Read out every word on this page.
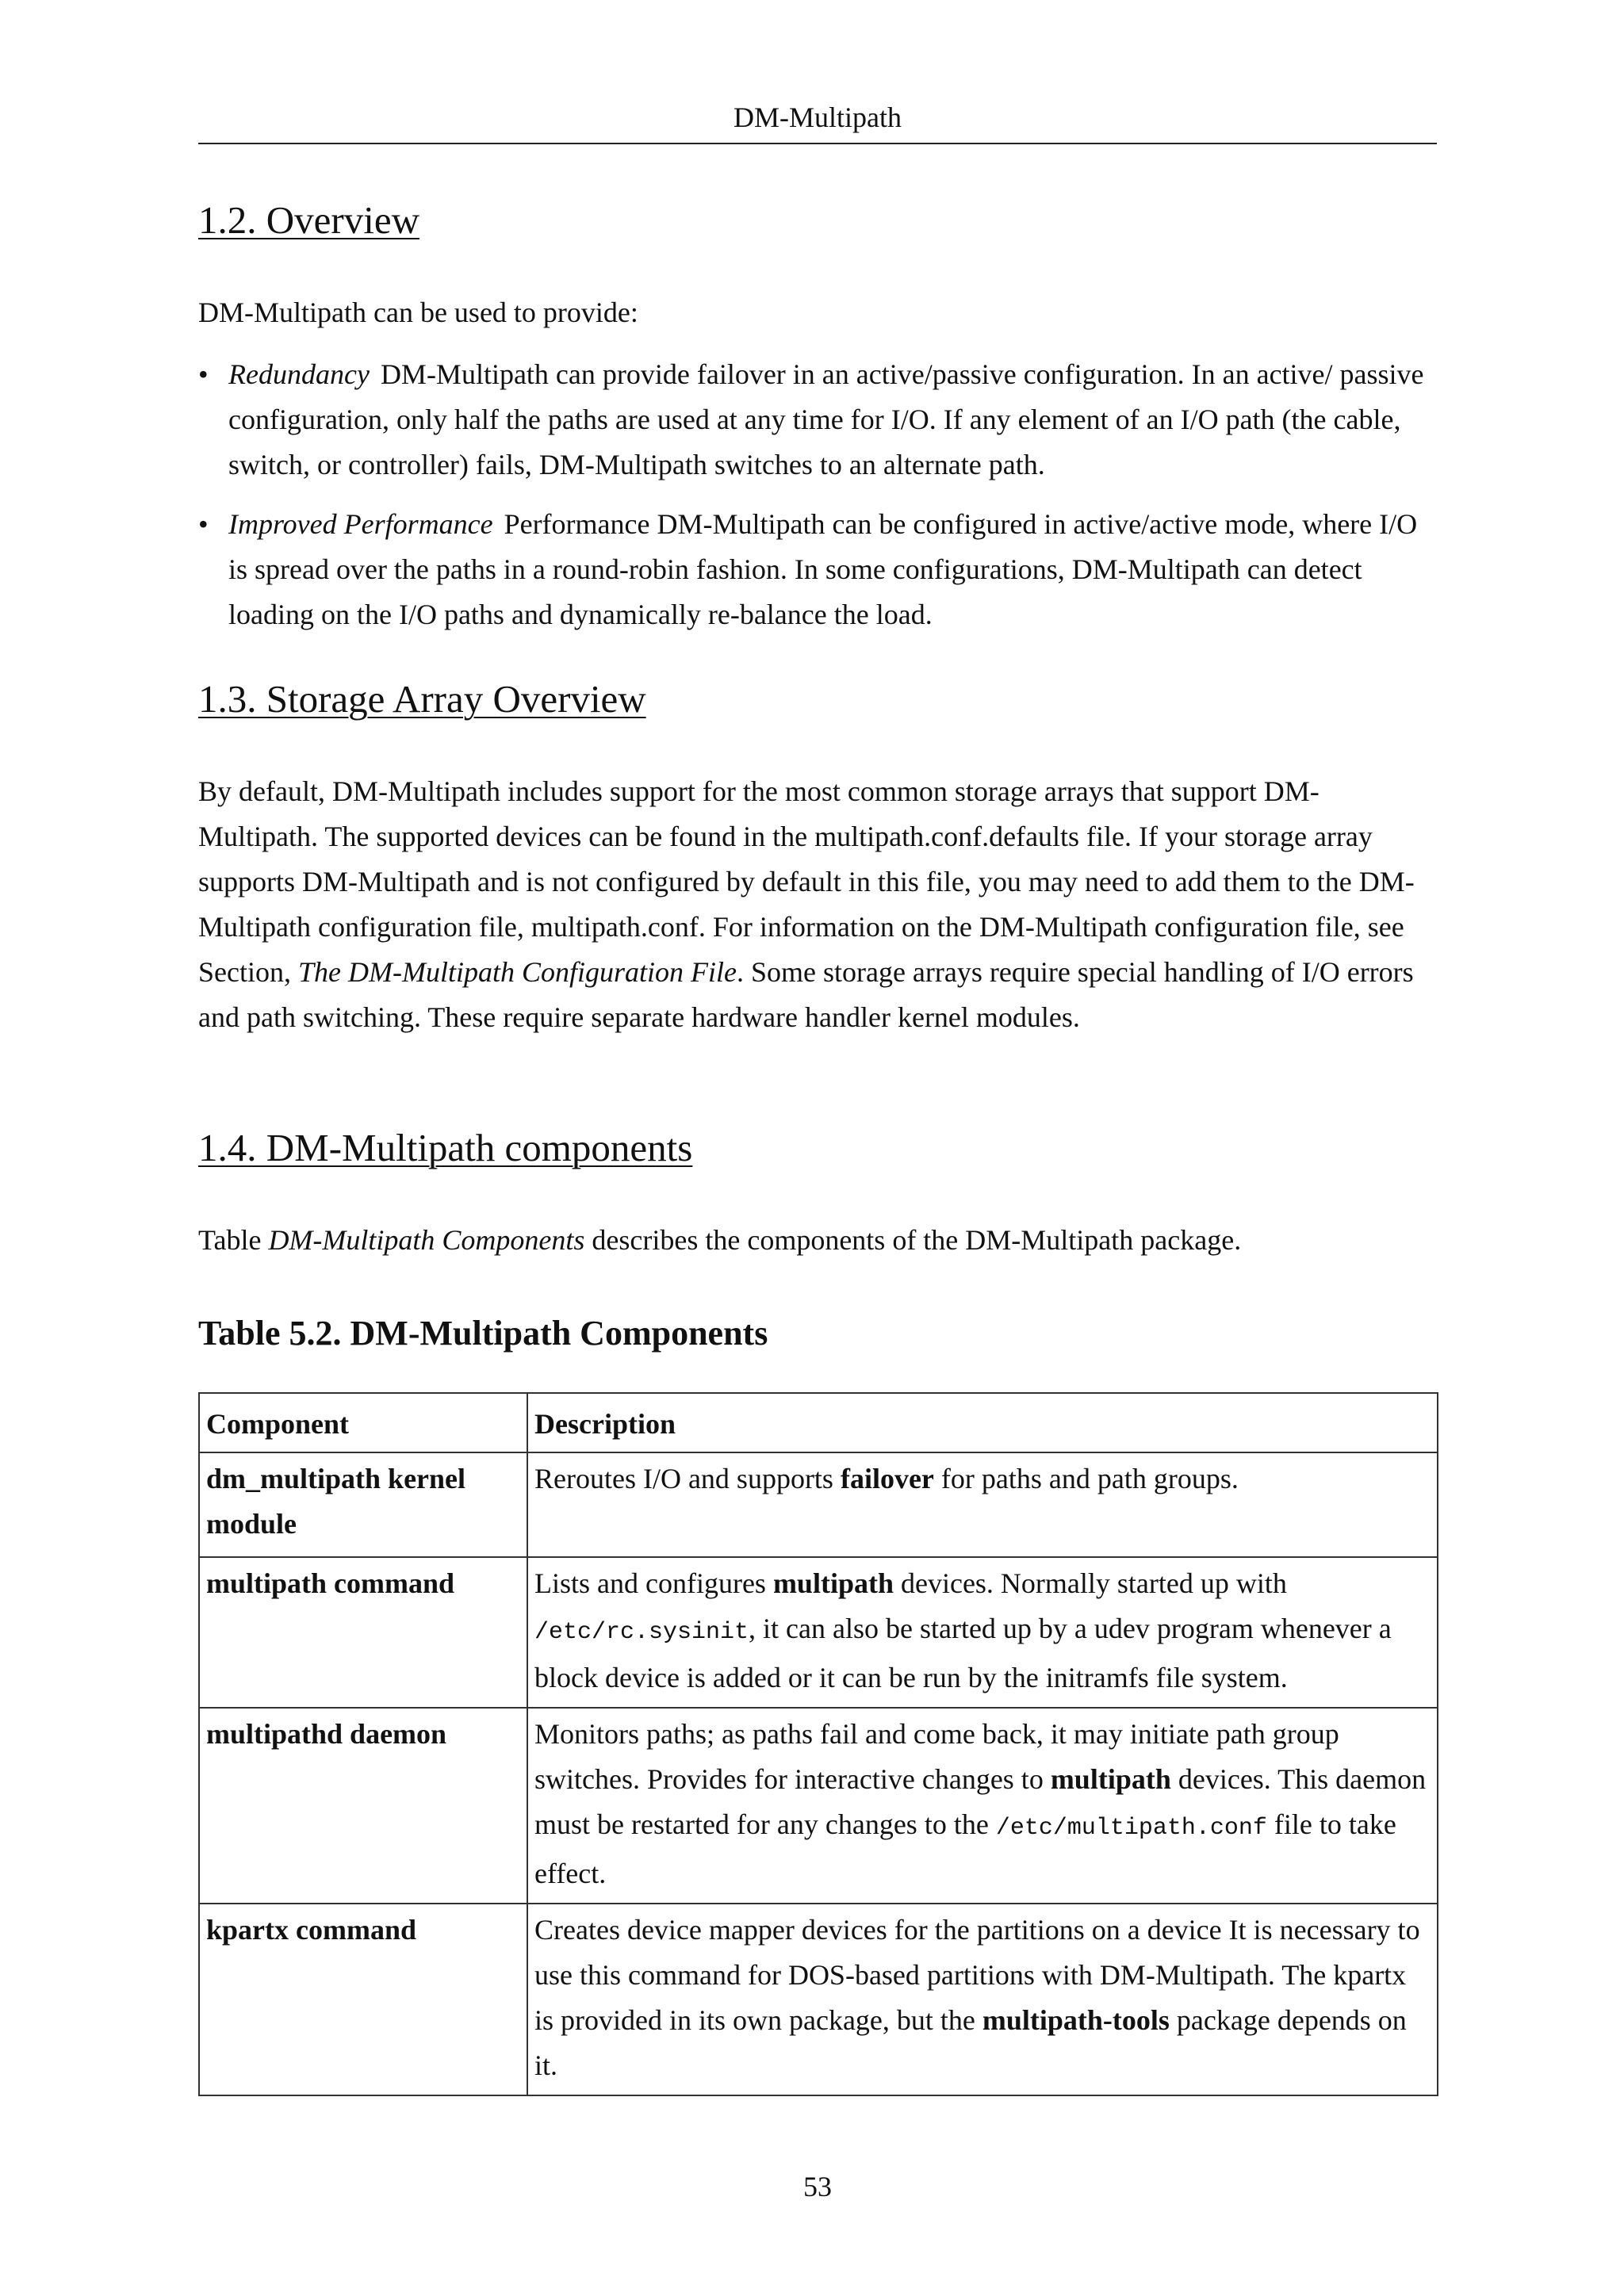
DM-Multipath
1.2. Overview

DM-Multipath can be used to provide:

• Redundancy DM-Multipath can provide failover in an active/passive configuration. In an active/ passive configuration, only half the paths are used at any time for I/O. If any element of an I/O path (the cable, switch, or controller) fails, DM-Multipath switches to an alternate path.
• Improved Performance Performance DM-Multipath can be configured in active/active mode, where I/O is spread over the paths in a round-robin fashion. In some configurations, DM-Multipath can detect loading on the I/O paths and dynamically re-balance the load.
1.3. Storage Array Overview

By default, DM-Multipath includes support for the most common storage arrays that support DM-Multipath. The supported devices can be found in the multipath.conf.defaults file. If your storage array supports DM-Multipath and is not configured by default in this file, you may need to add them to the DM-Multipath configuration file, multipath.conf. For information on the DM-Multipath configuration file, see Section, The DM-Multipath Configuration File. Some storage arrays require special handling of I/O errors and path switching. These require separate hardware handler kernel modules.

1.4. DM-Multipath components

Table DM-Multipath Components describes the components of the DM-Multipath package.

Table 5.2. DM-Multipath Components
Component	Description
dm_multipath kernel module	Reroutes I/O and supports failover for paths and path groups.
multipath command	Lists and configures multipath devices. Normally started up with /etc/rc.sysinit, it can also be started up by a udev program whenever a block device is added or it can be run by the initramfs file system.
multipathd daemon	Monitors paths; as paths fail and come back, it may initiate path group switches. Provides for interactive changes to multipath devices. This daemon must be restarted for any changes to the /etc/multipath.conf file to take effect.
kpartx command	Creates device mapper devices for the partitions on a device It is necessary to use this command for DOS-based partitions with DM-Multipath. The kpartx is provided in its own package, but the multipath-tools package depends on it.
53
